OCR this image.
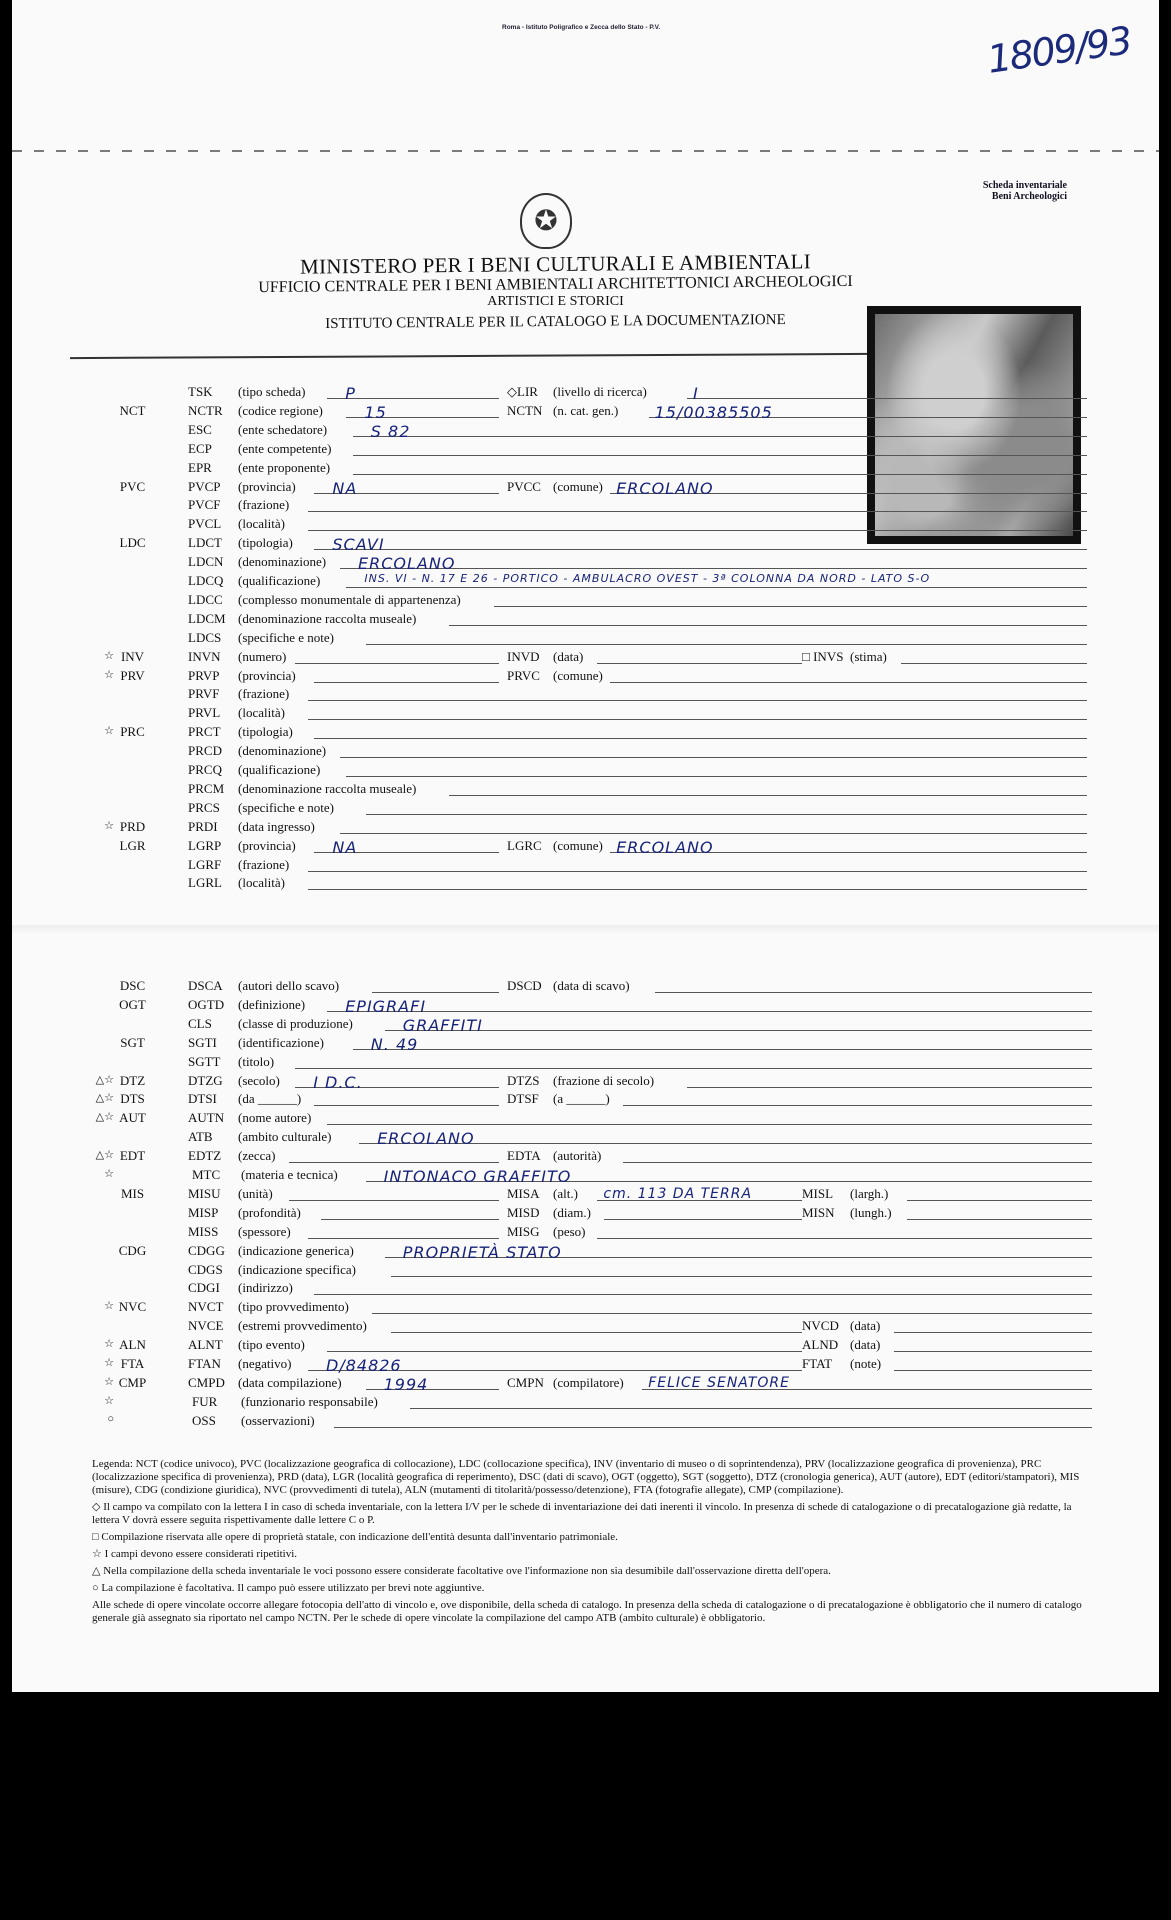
Roma - Istituto Poligrafico e Zecca dello Stato - P.V.	1809/93
Scheda inventariale
Beni Archeologici
✪
MINISTERO PER I BENI CULTURALI E AMBIENTALI
UFFICIO CENTRALE PER I BENI AMBIENTALI ARCHITETTONICI ARCHEOLOGICI
ARTISTICI E STORICI
ISTITUTO CENTRALE PER IL CATALOGO E LA DOCUMENTAZIONE
TSK (tipo scheda) P	◇LIR (livello di ricerca)	I
NCT	NCTR (codice regione)	15	NCTN (n. cat. gen.) 15/00385505
ESC (ente schedatore)	S 82
ECP (ente competente)
EPR (ente proponente)
PVC	PVCP (provincia) NA	PVCC (comune) ERCOLANO
PVCF (frazione)
PVCL (località)
LDC	LDCT (tipologia) SCAVI
LDCN (denominazione) ERCOLANO
LDCQ (qualificazione)	INS. VI - N. 17 E 26 - PORTICO - AMBULACRO OVEST - 3ª COLONNA DA NORD - LATO S-O
LDCC (complesso monumentale di appartenenza)
LDCM (denominazione raccolta museale)
LDCS (specifiche e note)
☆ INV	INVN (numero)	INVD (data)	□ INVS (stima)
☆ PRV	PRVP (provincia)	PRVC (comune)
PRVF (frazione)
PRVL (località)
☆ PRC	PRCT (tipologia)
PRCD (denominazione)
PRCQ (qualificazione)
PRCM (denominazione raccolta museale)
PRCS (specifiche e note)
☆ PRD	PRDI (data ingresso)
LGR	LGRP (provincia) NA	LGRC (comune) ERCOLANO
LGRF (frazione)
LGRL (località)
DSC	DSCA (autori dello scavo)	DSCD (data di scavo)
OGT	OGTD (definizione)	EPIGRAFI
CLS (classe di produzione)	GRAFFITI
SGT	SGTI (identificazione)	N. 49
SGTT (titolo)
△☆ DTZ	DTZG (secolo) I D.C.	DTZS (frazione di secolo)
△☆ DTS	DTSI (da ______)	DTSF (a ______)
△☆ AUT	AUTN (nome autore)
ATB (ambito culturale)	ERCOLANO
△☆ EDT	EDTZ (zecca)	EDTA (autorità)
☆	MTC (materia e tecnica)	INTONACO GRAFFITO
MIS	MISU (unità)	MISA (alt.) cm. 113 DA TERRA	MISL (largh.)
MISP (profondità)	MISD (diam.)	MISN (lungh.)
MISS (spessore)	MISG (peso)
CDG	CDGG (indicazione generica)	PROPRIETÀ STATO
CDGS (indicazione specifica)
CDGI (indirizzo)
☆ NVC	NVCT (tipo provvedimento)
NVCE (estremi provvedimento)	NVCD (data)
☆ ALN	ALNT (tipo evento)	ALND (data)
☆ FTA	FTAN (negativo) D/84826	FTAT (note)
☆ CMP	CMPD (data compilazione)	1994	CMPN (compilatore) FELICE SENATORE
☆	FUR (funzionario responsabile)
○	OSS (osservazioni)

Legenda: NCT (codice univoco), PVC (localizzazione geografica di collocazione), LDC (collocazione specifica), INV (inventario di museo o di soprintendenza), PRV (localizzazione geografica di provenienza), PRC (localizzazione specifica di provenienza), PRD (data), LGR (località geografica di reperimento), DSC (dati di scavo), OGT (oggetto), SGT (soggetto), DTZ (cronologia generica), AUT (autore), EDT (editori/stampatori), MIS (misure), CDG (condizione giuridica), NVC (provvedimenti di tutela), ALN (mutamenti di titolarità/possesso/detenzione), FTA (fotografie allegate), CMP (compilazione).

◇ Il campo va compilato con la lettera I in caso di scheda inventariale, con la lettera I/V per le schede di inventariazione dei dati inerenti il vincolo. In presenza di schede di catalogazione o di precatalogazione già redatte, la lettera V dovrà essere seguita rispettivamente dalle lettere C o P.

□ Compilazione riservata alle opere di proprietà statale, con indicazione dell'entità desunta dall'inventario patrimoniale.

☆ I campi devono essere considerati ripetitivi.

△ Nella compilazione della scheda inventariale le voci possono essere considerate facoltative ove l'informazione non sia desumibile dall'osservazione diretta dell'opera.

○ La compilazione è facoltativa. Il campo può essere utilizzato per brevi note aggiuntive.

Alle schede di opere vincolate occorre allegare fotocopia dell'atto di vincolo e, ove disponibile, della scheda di catalogo. In presenza della scheda di catalogazione o di precatalogazione è obbligatorio che il numero di catalogo generale già assegnato sia riportato nel campo NCTN. Per le schede di opere vincolate la compilazione del campo ATB (ambito culturale) è obbligatorio.
